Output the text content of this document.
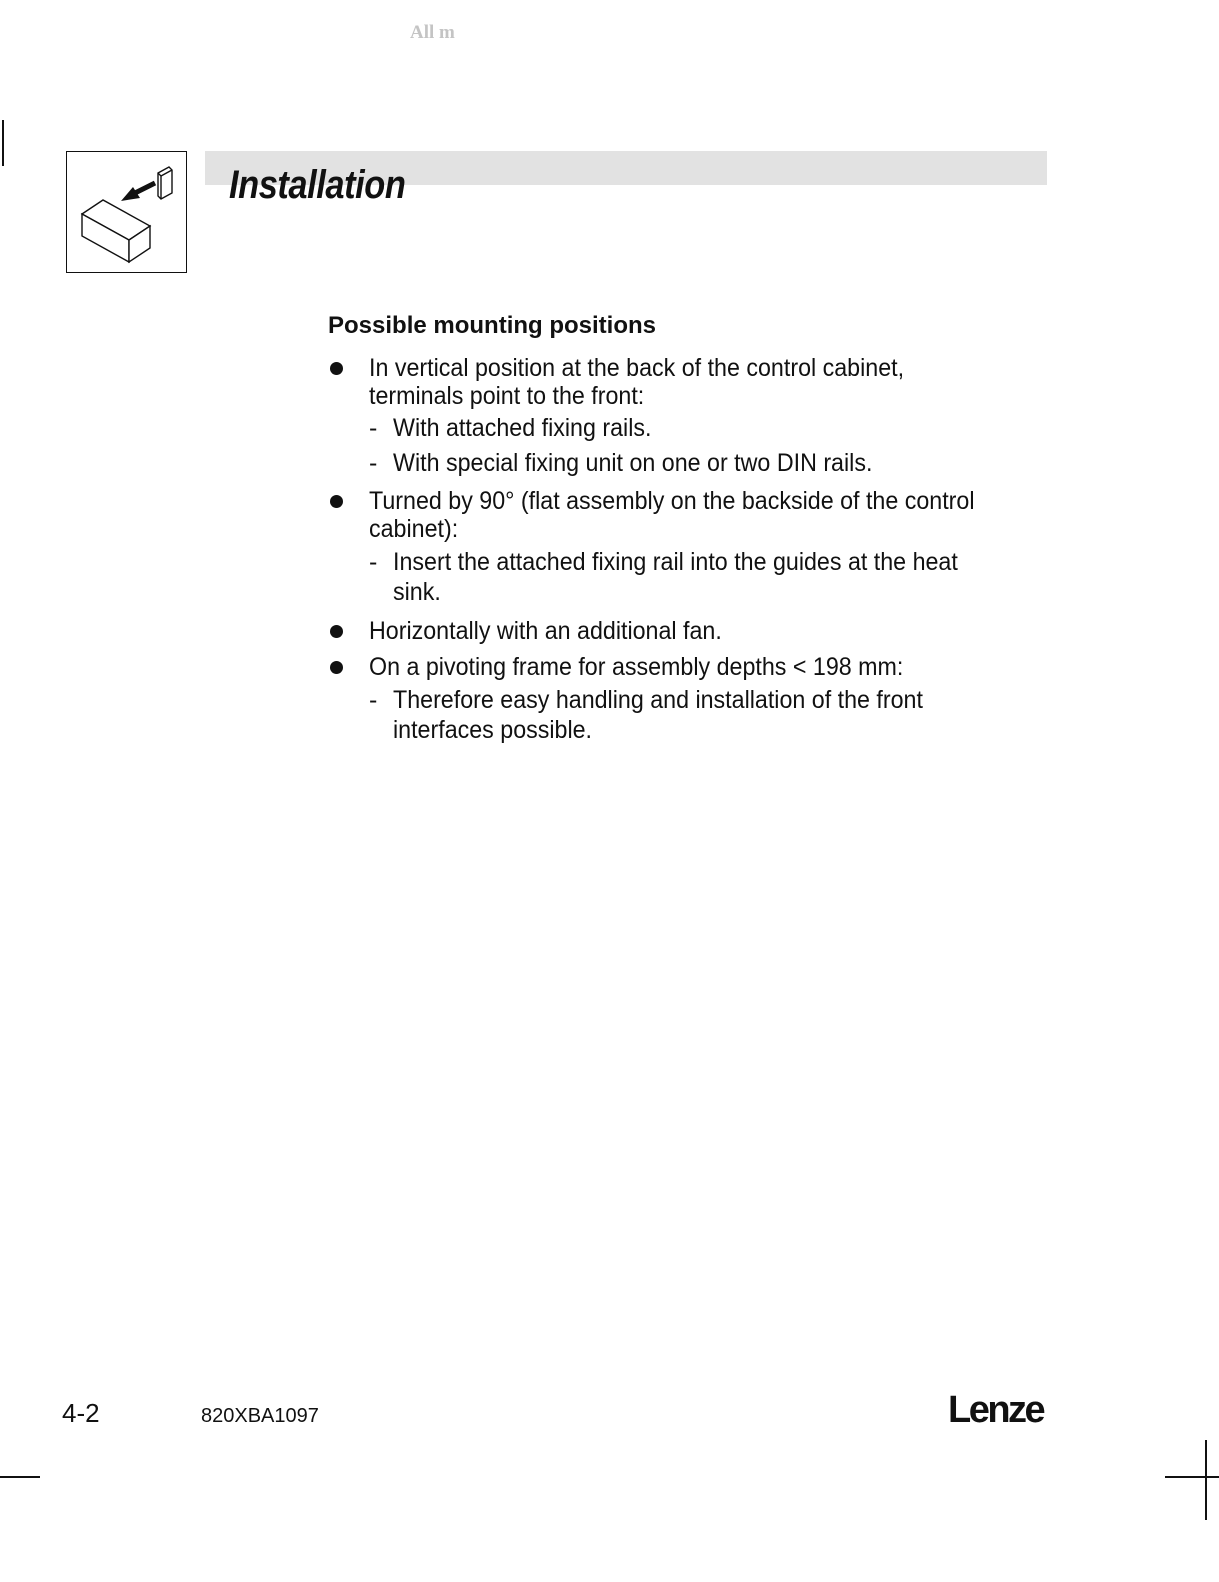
All m
Installation
Possible mounting positions
In vertical position at the back of the control cabinet,
terminals point to the front:
- With attached fixing rails.
- With special fixing unit on one or two DIN rails.
Turned by 90° (flat assembly on the backside of the control
cabinet):
- Insert the attached fixing rail into the guides at the heat
sink.
Horizontally with an additional fan.
On a pivoting frame for assembly depths < 198 mm:
- Therefore easy handling and installation of the front
interfaces possible.
4-2	820XBA1097	Lenze
